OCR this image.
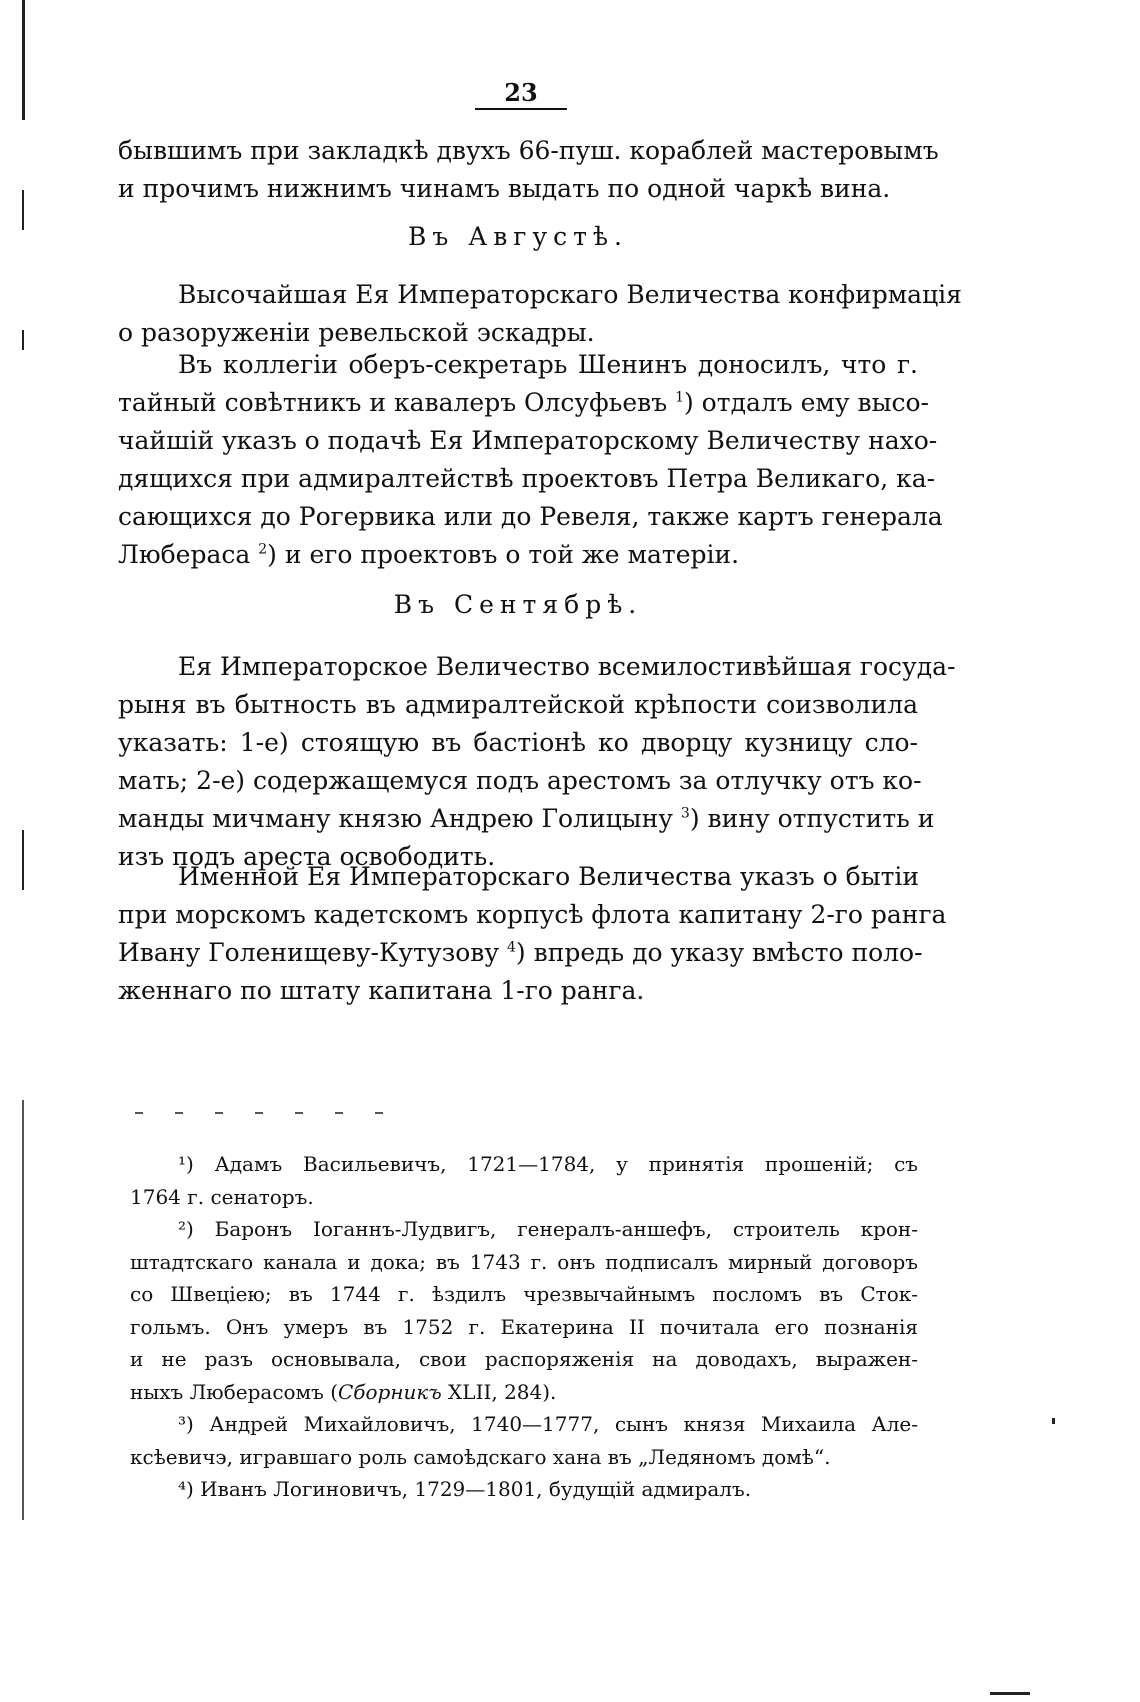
23
бывшимъ при закладкѣ двухъ 66-пуш. кораблей мастеровымъ
и прочимъ нижнимъ чинамъ выдать по одной чаркѣ вина.
Въ Августѣ.
Высочайшая Ея Императорскаго Величества конфирмація
о разоруженіи ревельской эскадры.
Въ коллегіи оберъ-секретарь Шенинъ доносилъ, что г.
тайный совѣтникъ и кавалеръ Олсуфьевъ $^1$) отдалъ ему высо-
чайшій указъ о подачѣ Ея Императорскому Величеству нахо-
дящихся при адмиралтействѣ проектовъ Петра Великаго, ка-
сающихся до Рогервика или до Ревеля, также картъ генерала
Любераса $^2$) и его проектовъ о той же матеріи.
Въ Сентябрѣ.
Ея Императорское Величество всемилостивѣйшая госуда-
рыня въ бытность въ адмиралтейской крѣпости соизволила
указать: 1-е) стоящую въ бастіонѣ ко дворцу кузницу сло-
мать; 2-е) содержащемуся подъ арестомъ за отлучку отъ ко-
манды мичману князю Андрею Голицыну $^3$) вину отпустить и
изъ подъ ареста освободить.
Именной Ея Императорскаго Величества указъ о бытіи
при морскомъ кадетскомъ корпусѣ флота капитану 2-го ранга
Ивану Голенищеву-Кутузову $^4$) впредь до указу вмѣсто поло-
женнаго по штату капитана 1-го ранга.
¹) Адамъ Васильевичъ, 1721—1784, у принятія прошеній; съ
1764 г. сенаторъ.
²) Баронъ Іоганнъ-Лудвигъ, генералъ-аншефъ, строитель крон-
штадтскаго канала и дока; въ 1743 г. онъ подписалъ мирный договоръ
со Швеціею; въ 1744 г. ѣздилъ чрезвычайнымъ посломъ въ Сток-
гольмъ. Онъ умеръ въ 1752 г. Екатерина II почитала его познанія
и не разъ основывала, свои распоряженія на доводахъ, выражен-
ныхъ Люберасомъ (Сборникъ XLII, 284).
³) Андрей Михайловичъ, 1740—1777, сынъ князя Михаила Але-
ксѣевичэ, игравшаго роль самоѣдскаго хана въ „Ледяномъ домѣ“.
⁴) Иванъ Логиновичъ, 1729—1801, будущій адмиралъ.
